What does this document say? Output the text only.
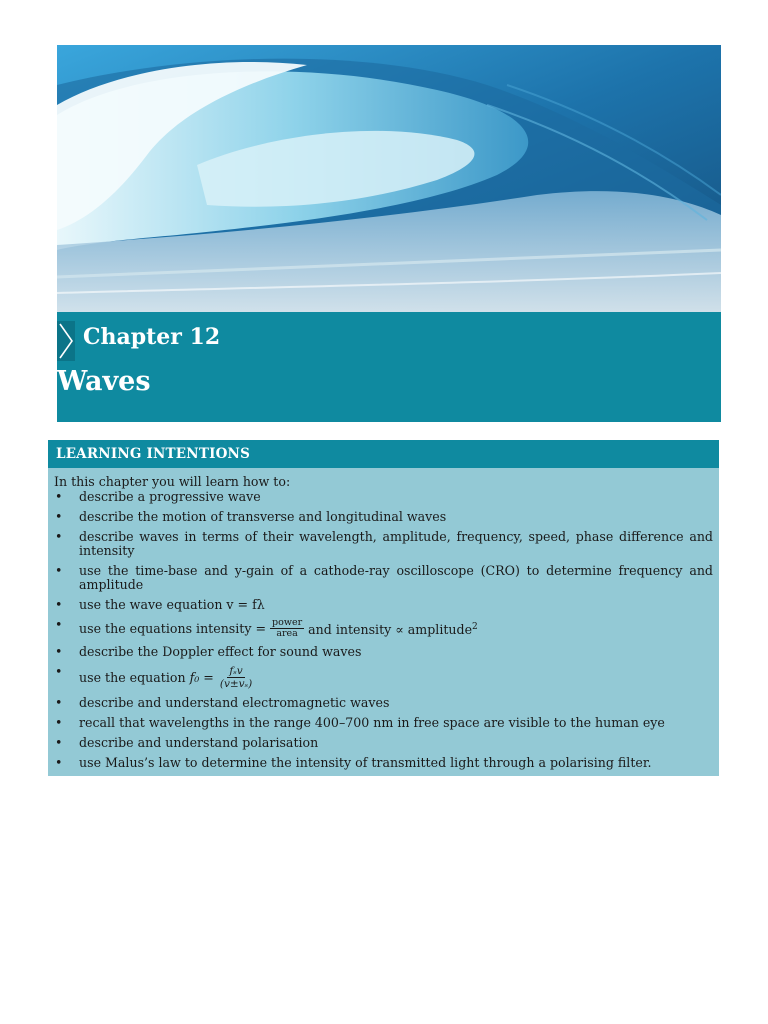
Chapter 12
Waves
LEARNING INTENTIONS
In this chapter you will learn how to:
• describe a progressive wave
• describe the motion of transverse and longitudinal waves
• describe waves in terms of their wavelength, amplitude, frequency, speed, phase difference and intensity
• use the time-base and y-gain of a cathode-ray oscilloscope (CRO) to determine frequency and amplitude
• use the wave equation v = fλ
• use the equations intensity = $\frac{\text{power}}{\text{area}}$ and intensity ∝ amplitude$^2$
• describe the Doppler effect for sound waves
• use the equation $f_0 = \frac{\text{fₛv}}{\text{(v±vₛ)}}$
• describe and understand electromagnetic waves
• recall that wavelengths in the range 400–700 nm in free space are visible to the human eye
• describe and understand polarisation
• use Malus’s law to determine the intensity of transmitted light through a polarising filter.
